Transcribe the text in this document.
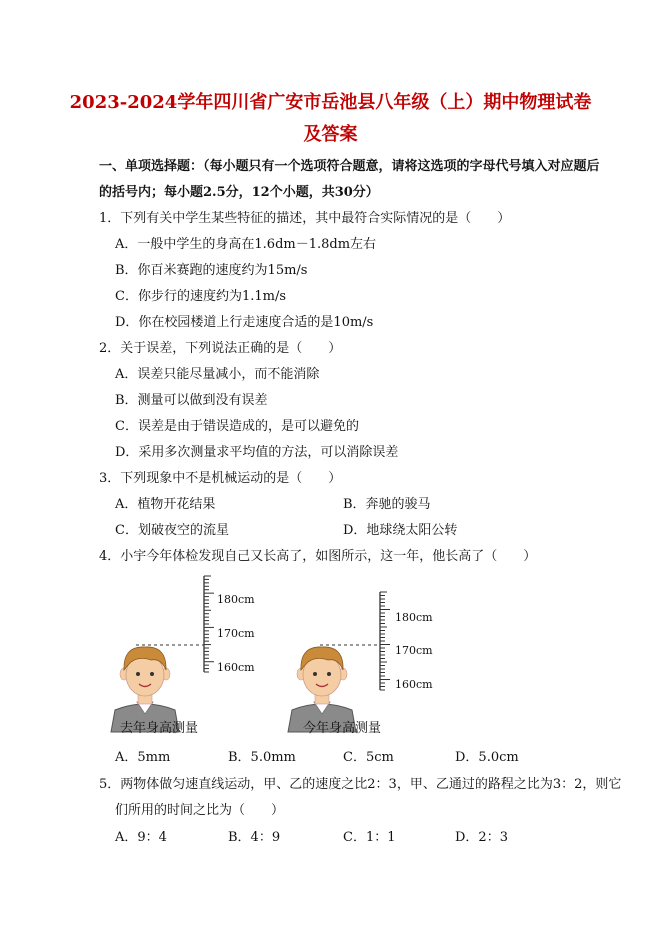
2023-2024学年四川省广安市岳池县八年级（上）期中物理试卷
及答案
一、单项选择题：（每小题只有一个选项符合题意，请将这选项的字母代号填入对应题后
的括号内；每小题2.5分，12个小题，共30分）
1．下列有关中学生某些特征的描述，其中最符合实际情况的是（　　）
A．一般中学生的身高在1.6dm－1.8dm左右
B．你百米赛跑的速度约为15m/s
C．你步行的速度约为1.1m/s
D．你在校园楼道上行走速度合适的是10m/s
2．关于误差，下列说法正确的是（　　）
A．误差只能尽量减小，而不能消除
B．测量可以做到没有误差
C．误差是由于错误造成的，是可以避免的
D．采用多次测量求平均值的方法，可以消除误差
3．下列现象中不是机械运动的是（　　）
A．植物开花结果	B．奔驰的骏马
C．划破夜空的流星	D．地球绕太阳公转
4．小宇今年体检发现自己又长高了，如图所示，这一年，他长高了（　　）
180cm
170cm
160cm
180cm
170cm
160cm
去年身高测量	今年身高测量
A．5mm	B．5.0mm	C．5cm	D．5.0cm
5．两物体做匀速直线运动，甲、乙的速度之比2：3，甲、乙通过的路程之比为3：2，则它
们所用的时间之比为（　　）
A．9：4	B．4：9	C．1：1	D．2：3
